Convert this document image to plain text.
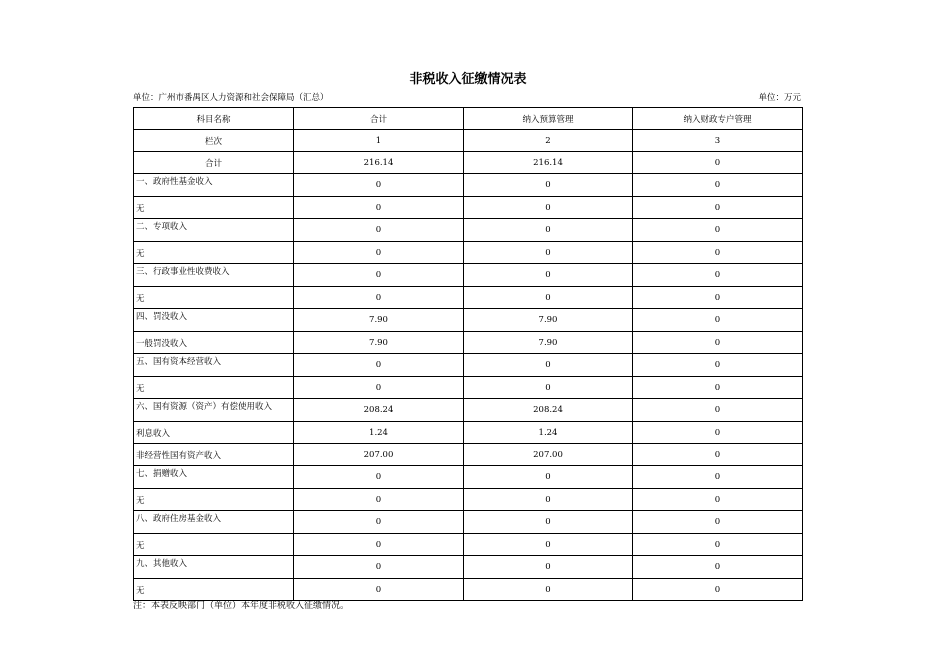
非税收入征缴情况表
单位：广州市番禺区人力资源和社会保障局（汇总）	单位：万元
科目名称	合计	纳入预算管理	纳入财政专户管理
栏次	1	2	3
合计	216.14	216.14	0
一、政府性基金收入	0	0	0
无	0	0	0
二、专项收入	0	0	0
无	0	0	0
三、行政事业性收费收入	0	0	0
无	0	0	0
四、罚没收入	7.90	7.90	0
一般罚没收入	7.90	7.90	0
五、国有资本经营收入	0	0	0
无	0	0	0
六、国有资源（资产）有偿使用收入	208.24	208.24	0
利息收入	1.24	1.24	0
非经营性国有资产收入	207.00	207.00	0
七、捐赠收入	0	0	0
无	0	0	0
八、政府住房基金收入	0	0	0
无	0	0	0
九、其他收入	0	0	0
无	0	0	0
注：本表反映部门（单位）本年度非税收入征缴情况。
